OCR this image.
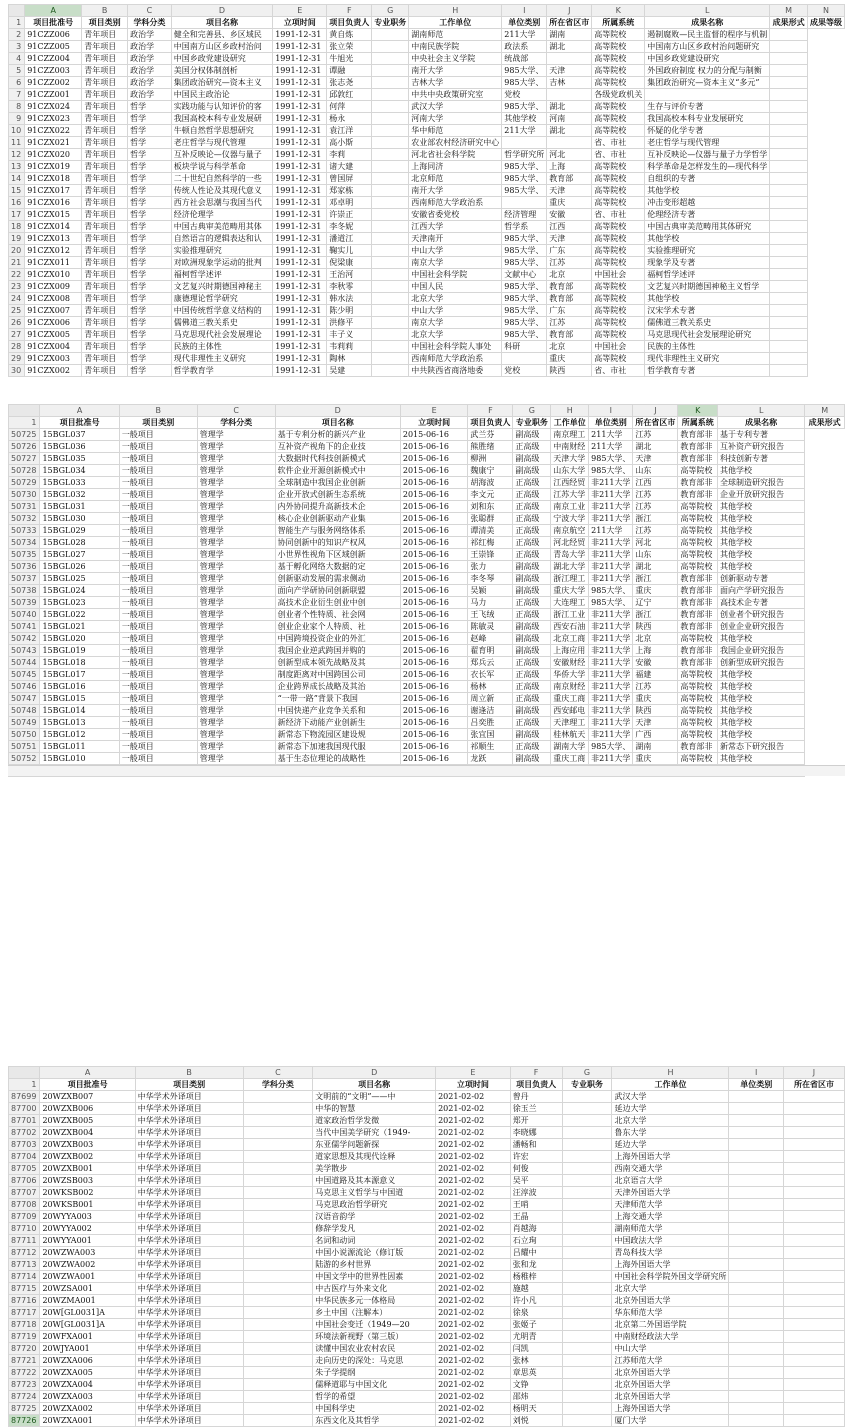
	A	B	C	D	E	F	G	H	I	J	K	L	M	N
1	项目批准号	项目类别	学科分类	项目名称	立项时间	项目负责人	专业职务	工作单位	单位类别	所在省区市	所属系统	成果名称	成果形式	成果等级
2	91CZZ006	青年项目	政治学	健全和完善县、乡区域民	1991-12-31	黄自炼		湖南师范	211大学	湖南	高等院校	遏制腐败—民主监督的程序与机制		
3	91CZZ005	青年项目	政治学	中国南方山区乡政村治问	1991-12-31	张立荣		中南民族学院	政法系	湖北	高等院校	中国南方山区乡政村治问题研究		
4	91CZZ004	青年项目	政治学	中国乡政党建设研究	1991-12-31	牛旭光		中央社会主义学院	统战部		高等院校	中国乡政党建设研究		
5	91CZZ003	青年项目	政治学	美国分权体制剖析	1991-12-31	谭融		南开大学	985大学、	天津	高等院校	外国政府制度 权力的分配与制衡		
6	91CZZ002	青年项目	政治学	集团政治研究—资本主义	1991-12-31	张志尧		吉林大学	985大学、	吉林	高等院校	集团政治研究—资本主义“多元”		
7	91CZZ001	青年项目	政治学	中国民主政治论	1991-12-31	邱敦红		中共中央政策研究室	党校		各级党政机关			
8	91CZX024	青年项目	哲学	实践功能与认知评价的客	1991-12-31	何萍		武汉大学	985大学、	湖北	高等院校	生存与评价专著		
9	91CZX023	青年项目	哲学	我国高校本科专业发展研	1991-12-31	杨永		河南大学	其他学校	河南	高等院校	我国高校本科专业发展研究		
10	91CZX022	青年项目	哲学	牛顿自然哲学思想研究	1991-12-31	袁江洋		华中师范	211大学	湖北	高等院校	怀疑的化学专著		
11	91CZX021	青年项目	哲学	老庄哲学与现代管理	1991-12-31	高小斯		农业部农村经济研究中心			省、市社	老庄哲学与现代管理		
12	91CZX020	青年项目	哲学	互补反映论—仪器与量子	1991-12-31	李莉		河北省社会科学院	哲学研究所	河北	省、市社	互补反映论—仪器与量子力学哲学		
13	91CZX019	青年项目	哲学	板块学说与科学革命	1991-12-31	诸大建		上海同济	985大学、	上海	高等院校	科学革命是怎样发生的—现代科学		
14	91CZX018	青年项目	哲学	二十世纪自然科学的一些	1991-12-31	曾国屏		北京师范	985大学、	教育部	高等院校	自组织的专著		
15	91CZX017	青年项目	哲学	传统人性论及其现代意义	1991-12-31	郑家栋		南开大学	985大学、	天津	高等院校	其他学校		
16	91CZX016	青年项目	哲学	西方社会思潮与我国当代	1991-12-31	邓卓明		西南师范大学政治系		重庆	高等院校	冲击变形超越		
17	91CZX015	青年项目	哲学	经济伦理学	1991-12-31	许崇正		安徽省委党校	经济管理	安徽	省、市社	伦理经济专著		
18	91CZX014	青年项目	哲学	中国古典审美范畴用其体	1991-12-31	李冬妮		江西大学	哲学系	江西	高等院校	中国古典审美范畴用其体研究		
19	91CZX013	青年项目	哲学	自然语言的逻辑表达和认	1991-12-31	潘道江		天津南开	985大学、	天津	高等院校	其他学校		
20	91CZX012	青年项目	哲学	实验推理研究	1991-12-31	鞠实儿		中山大学	985大学、	广东	高等院校	实验推理研究		
21	91CZX011	青年项目	哲学	对欧洲现象学运动的批判	1991-12-31	倪梁康		南京大学	985大学、	江苏	高等院校	现象学及专著		
22	91CZX010	青年项目	哲学	福柯哲学述评	1991-12-31	王治河		中国社会科学院	文献中心	北京	中国社会	福柯哲学述评		
23	91CZX009	青年项目	哲学	文艺复兴时期德国神秘主	1991-12-31	李秋零		中国人民	985大学、	教育部	高等院校	文艺复兴时期德国神秘主义哲学		
24	91CZX008	青年项目	哲学	康德理论哲学研究	1991-12-31	韩水法		北京大学	985大学、	教育部	高等院校	其他学校		
25	91CZX007	青年项目	哲学	中国传统哲学意义结构的	1991-12-31	陈少明		中山大学	985大学、	广东	高等院校	汉宋学术专著		
26	91CZX006	青年项目	哲学	儒佛道三教关系史	1991-12-31	洪修平		南京大学	985大学、	江苏	高等院校	儒佛道三教关系史		
27	91CZX005	青年项目	哲学	马克思现代社会发展理论	1991-12-31	丰子义		北京大学	985大学、	教育部	高等院校	马克思现代社会发展理论研究		
28	91CZX004	青年项目	哲学	民族的主体性	1991-12-31	韦莉莉		中国社会科学院人事处	科研	北京	中国社会	民族的主体性		
29	91CZX003	青年项目	哲学	现代非理性主义研究	1991-12-31	陶林		西南师范大学政治系		重庆	高等院校	现代非理性主义研究		
30	91CZX002	青年项目	哲学	哲学教育学	1991-12-31	吴建		中共陕西省商洛地委	党校	陕西	省、市社	哲学教育专著		
	A	B	C	D	E	F	G	H	I	J	K	L	M
1	项目批准号	项目类别	学科分类	项目名称	立项时间	项目负责人	专业职务	工作单位	单位类别	所在省区市	所属系统	成果名称	成果形式
50725	15BGL037	一般项目	管理学	基于专利分析的新兴产业	2015-06-16	武兰芬	副高级	南京理工	211大学	江苏	教育部非	基于专利专著	
50726	15BGL036	一般项目	管理学	互补资产视角下的企业技	2015-06-16	熊胜绪	正高级	中南财经	211大学	湖北	教育部非	互补资产研究报告	
50727	15BGL035	一般项目	管理学	大数据时代科技创新模式	2015-06-16	柳洲	副高级	天津大学	985大学、	天津	教育部非	科技创新专著	
50728	15BGL034	一般项目	管理学	软件企业开源创新模式中	2015-06-16	魏康宁	副高级	山东大学	985大学、	山东	高等院校	其他学校	
50729	15BGL033	一般项目	管理学	全球制造中我国企业创新	2015-06-16	胡海波	正高级	江西经贸	非211大学	江西	教育部非	全球制造研究报告	
50730	15BGL032	一般项目	管理学	企业开放式创新生态系统	2015-06-16	李文元	正高级	江苏大学	非211大学	江苏	教育部非	企业开放研究报告	
50731	15BGL031	一般项目	管理学	内外协同提升高新技术企	2015-06-16	刘和东	正高级	南京工业	非211大学	江苏	高等院校	其他学校	
50732	15BGL030	一般项目	管理学	核心企业创新驱动产业集	2015-06-16	张聪群	正高级	宁波大学	非211大学	浙江	高等院校	其他学校	
50733	15BGL029	一般项目	管理学	智能生产与服务网络体系	2015-06-16	谭清美	正高级	南京航空	211大学	江苏	高等院校	其他学校	
50734	15BGL028	一般项目	管理学	协同创新中的知识产权风	2015-06-16	祁红梅	正高级	河北经贸	非211大学	河北	高等院校	其他学校	
50735	15BGL027	一般项目	管理学	小世界性视角下区域创新	2015-06-16	王崇锋	正高级	青岛大学	非211大学	山东	高等院校	其他学校	
50736	15BGL026	一般项目	管理学	基于孵化网络大数据的定	2015-06-16	张力	副高级	湖北大学	非211大学	湖北	高等院校	其他学校	
50737	15BGL025	一般项目	管理学	创新驱动发展的需求侧动	2015-06-16	李冬琴	副高级	浙江理工	非211大学	浙江	教育部非	创新驱动专著	
50738	15BGL024	一般项目	管理学	面向产学研协同创新联盟	2015-06-16	吴颖	副高级	重庆大学	985大学、	重庆	教育部非	面向产学研究报告	
50739	15BGL023	一般项目	管理学	高技术企业衍生创业中创	2015-06-16	马力	正高级	大连理工	985大学、	辽宁	教育部非	高技术企专著	
50740	15BGL022	一般项目	管理学	创业者个性特质、社会网	2015-06-16	王飞绒	正高级	浙江工业	非211大学	浙江	教育部非	创业者个研究报告	
50741	15BGL021	一般项目	管理学	创业企业家个人特质、社	2015-06-16	陈敏灵	副高级	西安石油	非211大学	陕西	教育部非	创业企业研究报告	
50742	15BGL020	一般项目	管理学	中国跨境投资企业的外汇	2015-06-16	赵峰	副高级	北京工商	非211大学	北京	高等院校	其他学校	
50743	15BGL019	一般项目	管理学	我国企业逆武跨国并购的	2015-06-16	翟育明	副高级	上海应用	非211大学	上海	教育部非	我国企业研究报告	
50744	15BGL018	一般项目	管理学	创新型成本领先战略及其	2015-06-16	郑兵云	正高级	安徽财经	非211大学	安徽	教育部非	创新型成研究报告	
50745	15BGL017	一般项目	管理学	制度距离对中国跨国公司	2015-06-16	衣长军	正高级	华侨大学	非211大学	福建	高等院校	其他学校	
50746	15BGL016	一般项目	管理学	企业跨界成长战略及其治	2015-06-16	杨林	正高级	南京财经	非211大学	江苏	高等院校	其他学校	
50747	15BGL015	一般项目	管理学	“一带一路”背景下我国	2015-06-16	周立新	正高级	重庆工商	非211大学	重庆	高等院校	其他学校	
50748	15BGL014	一般项目	管理学	中国快递产业竞争关系和	2015-06-16	谢逢洁	副高级	西安邮电	非211大学	陕西	高等院校	其他学校	
50749	15BGL013	一般项目	管理学	新经济下动能产业创新生	2015-06-16	吕奕胜	正高级	天津理工	非211大学	天津	高等院校	其他学校	
50750	15BGL012	一般项目	管理学	新常态下物流园区建设规	2015-06-16	张宜国	副高级	桂林航天	非211大学	广西	高等院校	其他学校	
50751	15BGL011	一般项目	管理学	新常态下加速我国现代服	2015-06-16	祁顺生	正高级	湖南大学	985大学、	湖南	教育部非	新常态下研究报告	
50752	15BGL010	一般项目	管理学	基于生态位理论的战略性	2015-06-16	龙跃	副高级	重庆工商	非211大学	重庆	高等院校	其他学校	

	A	B	C	D	E	F	G	H	I	J
1	项目批准号	项目类别	学科分类	项目名称	立项时间	项目负责人	专业职务	工作单位	单位类别	所在省区市
87699	20WZXB007	中华学术外译项目		文明前的“文明”——中	2021-02-02	曾丹		武汉大学		
87700	20WZXB006	中华学术外译项目		中华的智慧	2021-02-02	徐玉兰		延边大学		
87701	20WZXB005	中华学术外译项目		道家政治哲学发微	2021-02-02	郑开		北京大学		
87702	20WZXB004	中华学术外译项目		当代中国美学研究（1949-	2021-02-02	李晓娜		鲁东大学		
87703	20WZXB003	中华学术外译项目		东亚儒学问题新探	2021-02-02	潘畅和		延边大学		
87704	20WZXB002	中华学术外译项目		道家思想及其现代诠释	2021-02-02	许宏		上海外国语大学		
87705	20WZXB001	中华学术外译项目		美学散步	2021-02-02	何俊		西南交通大学		
87706	20WZSB003	中华学术外译项目		中国道路及其本源意义	2021-02-02	吴平		北京语言大学		
87707	20WKSB002	中华学术外译项目		马克思主义哲学与中国道	2021-02-02	汪淳波		天津外国语大学		
87708	20WKSB001	中华学术外译项目		马克思政治哲学研究	2021-02-02	王哨		天津师范大学		
87709	20WYYA003	中华学术外译项目		汉语音韵学	2021-02-02	王晶		上海交通大学		
87710	20WYYA002	中华学术外译项目		修辞学发凡	2021-02-02	肖越海		湖南师范大学		
87711	20WYYA001	中华学术外译项目		名词和动词	2021-02-02	石立珣		中国政法大学		
87712	20WZWA003	中华学术外译项目		中国小说源流论（修订版	2021-02-02	吕耀中		青岛科技大学		
87713	20WZWA002	中华学术外译项目		陆游的乡村世界	2021-02-02	张和龙		上海外国语大学		
87714	20WZWA001	中华学术外译项目		中国文学中的世界性因素	2021-02-02	杨稚梓		中国社会科学院外国文学研究所		
87715	20WZSA001	中华学术外译项目		中古医疗与外来文化	2021-02-02	施越		北京大学		
87716	20WZMA001	中华学术外译项目		中华民族多元一体格局	2021-02-02	许小凡		北京外国语大学		
87717	20W[GL0031]A	中华学术外译项目		乡土中国（注解本）	2021-02-02	徐泉		华东师范大学		
87718	20W[GL0031]A	中华学术外译项目		中国社会变迁（1949—20	2021-02-02	张姬子		北京第二外国语学院		
87719	20WFXA001	中华学术外译项目		环境法新视野（第三版）	2021-02-02	尤明青		中南财经政法大学		
87720	20WJYA001	中华学术外译项目		读懂中国农业农村农民	2021-02-02	闫凯		中山大学		
87721	20WZXA006	中华学术外译项目		走向历史的深处：马克思	2021-02-02	张林		江苏师范大学		
87722	20WZXA005	中华学术外译项目		朱子学提纲	2021-02-02	章思英		北京外国语大学		
87723	20WZXA004	中华学术外译项目		儒释道耶与中国文化	2021-02-02	文铮		北京外国语大学		
87724	20WZXA003	中华学术外译项目		哲学的希望	2021-02-02	邵炜		北京外国语大学		
87725	20WZXA002	中华学术外译项目		中国科学史	2021-02-02	杨明天		上海外国语大学		
87726	20WZXA001	中华学术外译项目		东西文化及其哲学	2021-02-02	刘悦		厦门大学		
